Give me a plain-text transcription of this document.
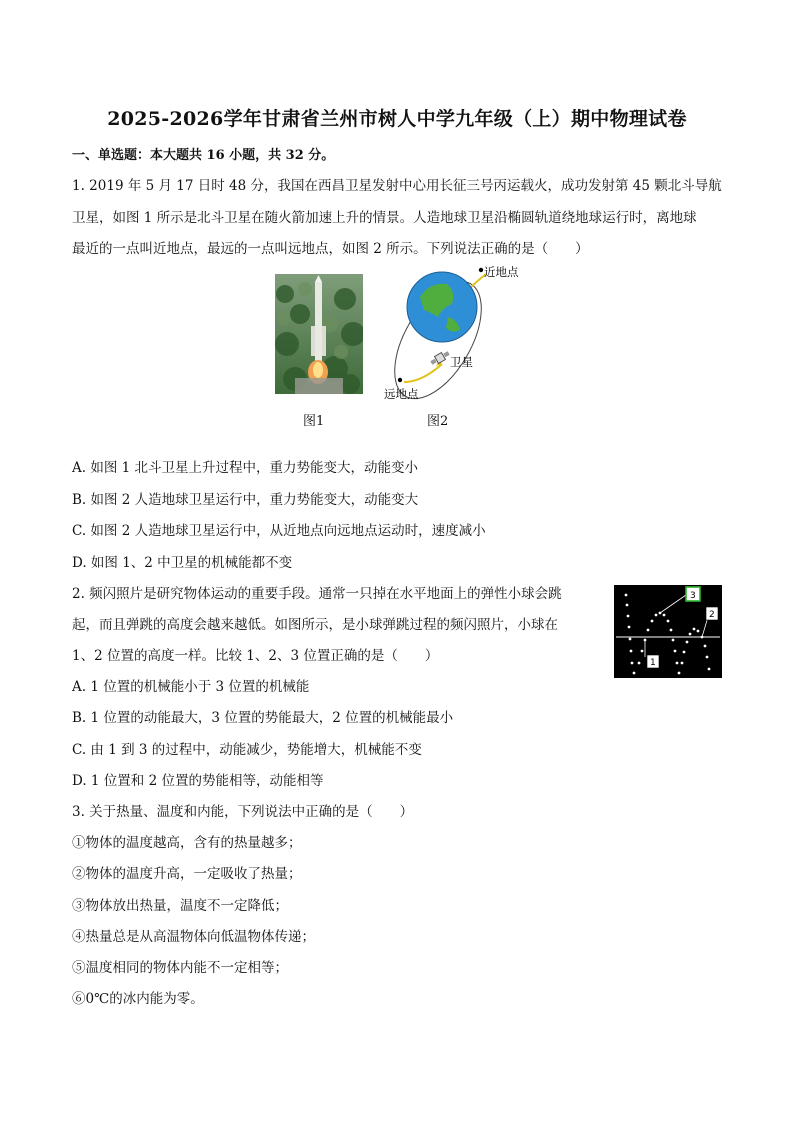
2025-2026学年甘肃省兰州市树人中学九年级（上）期中物理试卷
一、单选题：本大题共 16 小题，共 32 分。
1. 2019 年 5 月 17 日时 48 分，我国在西昌卫星发射中心用长征三号丙运载火，成功发射第 45 颗北斗导航
卫星，如图 1 所示是北斗卫星在随火箭加速上升的情景。人造地球卫星沿椭圆轨道绕地球运行时，离地球
最近的一点叫近地点，最远的一点叫远地点，如图 2 所示。下列说法正确的是（　　）
近地点
卫星
远地点
图1	图2
A. 如图 1 北斗卫星上升过程中，重力势能变大，动能变小
B. 如图 2 人造地球卫星运行中，重力势能变大，动能变大
C. 如图 2 人造地球卫星运行中，从近地点向远地点运动时，速度减小
D. 如图 1、2 中卫星的机械能都不变
2. 频闪照片是研究物体运动的重要手段。通常一只掉在水平地面上的弹性小球会跳
起，而且弹跳的高度会越来越低。如图所示，是小球弹跳过程的频闪照片，小球在
1、2 位置的高度一样。比较 1、2、3 位置正确的是（　　）	1
3
2
A. 1 位置的机械能小于 3 位置的机械能
B. 1 位置的动能最大，3 位置的势能最大，2 位置的机械能最小
C. 由 1 到 3 的过程中，动能减少，势能增大，机械能不变
D. 1 位置和 2 位置的势能相等，动能相等
3. 关于热量、温度和内能，下列说法中正确的是（　　）
①物体的温度越高，含有的热量越多；
②物体的温度升高，一定吸收了热量；
③物体放出热量，温度不一定降低；
④热量总是从高温物体向低温物体传递；
⑤温度相同的物体内能不一定相等；
⑥0℃的冰内能为零。
